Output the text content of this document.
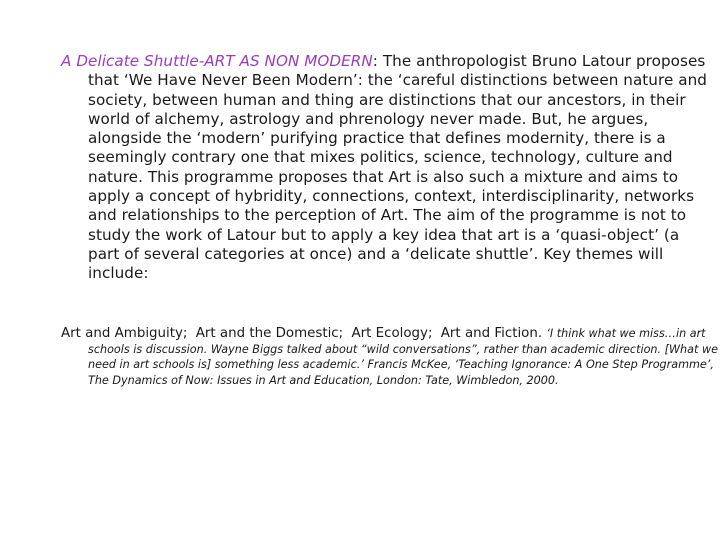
A Delicate Shuttle-ART AS NON MODERN: The anthropologist Bruno Latour proposes that ‘We Have Never Been Modern’: the ‘careful distinctions between nature and society, between human and thing are distinctions that our ancestors, in their world of alchemy, astrology and phrenology never made. But, he argues, alongside the ‘modern’ purifying practice that defines modernity, there is a seemingly contrary one that mixes politics, science, technology, culture and nature. This programme proposes that Art is also such a mixture and aims to apply a concept of hybridity, connections, context, interdisciplinarity, networks and relationships to the perception of Art. The aim of the programme is not to study the work of Latour but to apply a key idea that art is a ‘quasi-object’ (a part of several categories at once) and a ‘delicate shuttle’. Key themes will include:

Art and Ambiguity; Art and the Domestic; Art Ecology; Art and Fiction. ‘I think what we miss…in art schools is discussion. Wayne Biggs talked about “wild conversations”, rather than academic direction. [What we need in art schools is] something less academic.’ Francis McKee, ‘Teaching Ignorance: A One Step Programme’, The Dynamics of Now: Issues in Art and Education, London: Tate, Wimbledon, 2000.
